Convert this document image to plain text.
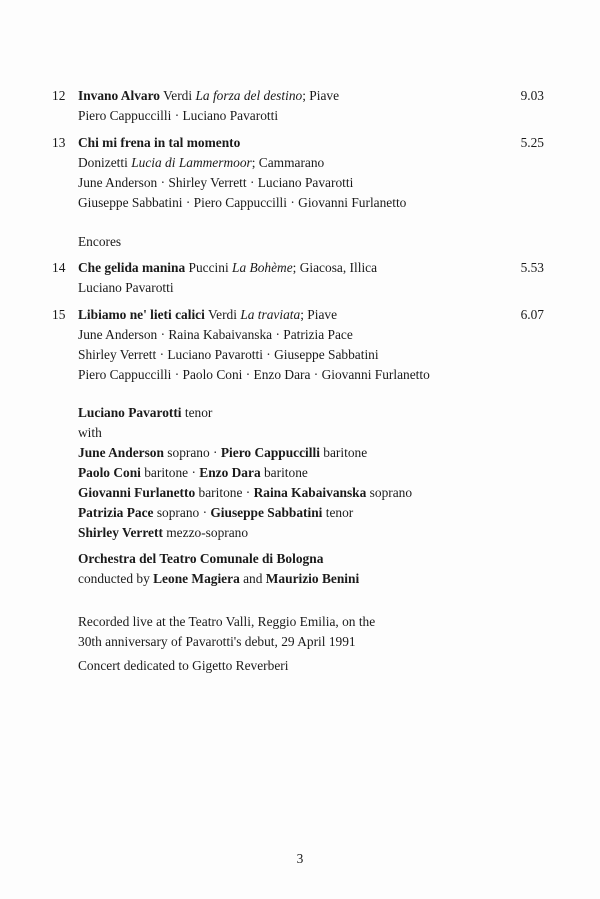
12 Invano Alvaro Verdi La forza del destino; Piave
Piero Cappuccilli · Luciano Pavarotti
9.03
13 Chi mi frena in tal momento
Donizetti Lucia di Lammermoor; Cammarano
June Anderson · Shirley Verrett · Luciano Pavarotti
Giuseppe Sabbatini · Piero Cappuccilli · Giovanni Furlanetto
5.25
Encores
14 Che gelida manina Puccini La Bohème; Giacosa, Illica
Luciano Pavarotti
5.53
15 Libiamo ne' lieti calici Verdi La traviata; Piave
June Anderson · Raina Kabaivanska · Patrizia Pace
Shirley Verrett · Luciano Pavarotti · Giuseppe Sabbatini
Piero Cappuccilli · Paolo Coni · Enzo Dara · Giovanni Furlanetto
6.07
Luciano Pavarotti tenor
with
June Anderson soprano · Piero Cappuccilli baritone
Paolo Coni baritone · Enzo Dara baritone
Giovanni Furlanetto baritone · Raina Kabaivanska soprano
Patrizia Pace soprano · Giuseppe Sabbatini tenor
Shirley Verrett mezzo-soprano
Orchestra del Teatro Comunale di Bologna
conducted by Leone Magiera and Maurizio Benini
Recorded live at the Teatro Valli, Reggio Emilia, on the
30th anniversary of Pavarotti's debut, 29 April 1991
Concert dedicated to Gigetto Reverberi
3
